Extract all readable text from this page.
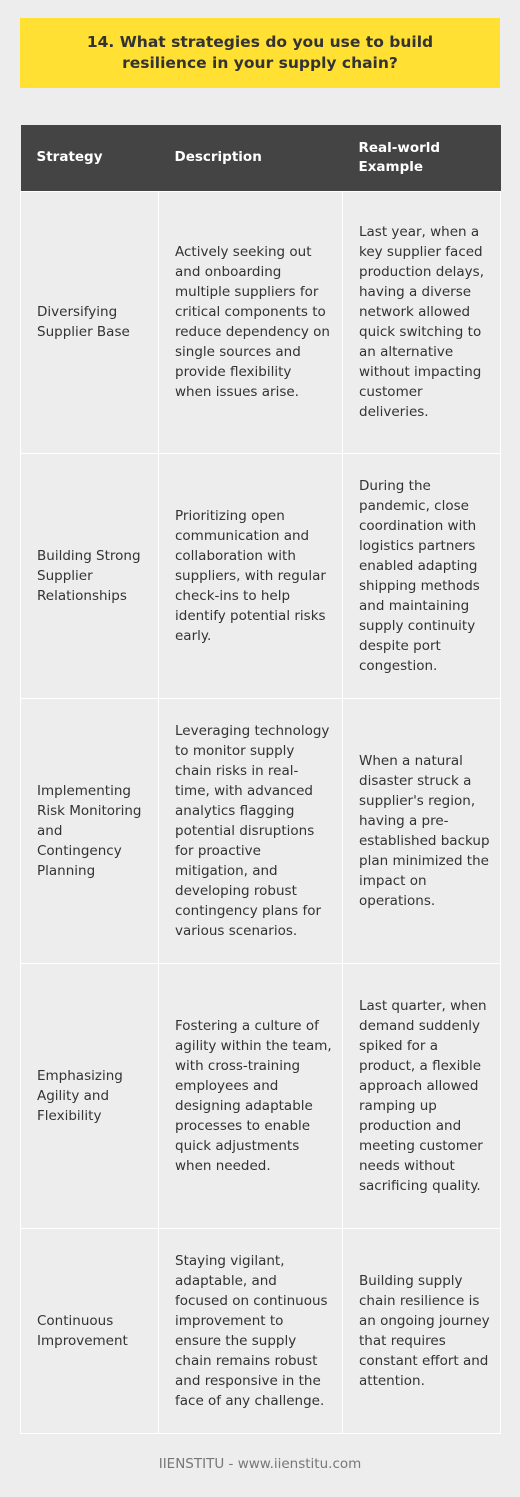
14. What strategies do you use to build resilience in your supply chain?
Strategy	Description	Real-world Example
Diversifying Supplier Base	Actively seeking out and onboarding multiple suppliers for critical components to reduce dependency on single sources and provide flexibility when issues arise.	Last year, when a key supplier faced production delays, having a diverse network allowed quick switching to an alternative without impacting customer deliveries.
Building Strong Supplier Relationships	Prioritizing open communication and collaboration with suppliers, with regular check-ins to help identify potential risks early.	During the pandemic, close coordination with logistics partners enabled adapting shipping methods and maintaining supply continuity despite port congestion.
Implementing Risk Monitoring and Contingency Planning	Leveraging technology to monitor supply chain risks in real-time, with advanced analytics flagging potential disruptions for proactive mitigation, and developing robust contingency plans for various scenarios.	When a natural disaster struck a supplier's region, having a pre-established backup plan minimized the impact on operations.
Emphasizing Agility and Flexibility	Fostering a culture of agility within the team, with cross-training employees and designing adaptable processes to enable quick adjustments when needed.	Last quarter, when demand suddenly spiked for a product, a flexible approach allowed ramping up production and meeting customer needs without sacrificing quality.
Continuous Improvement	Staying vigilant, adaptable, and focused on continuous improvement to ensure the supply chain remains robust and responsive in the face of any challenge.	Building supply chain resilience is an ongoing journey that requires constant effort and attention.
IIENSTITU - www.iienstitu.com
